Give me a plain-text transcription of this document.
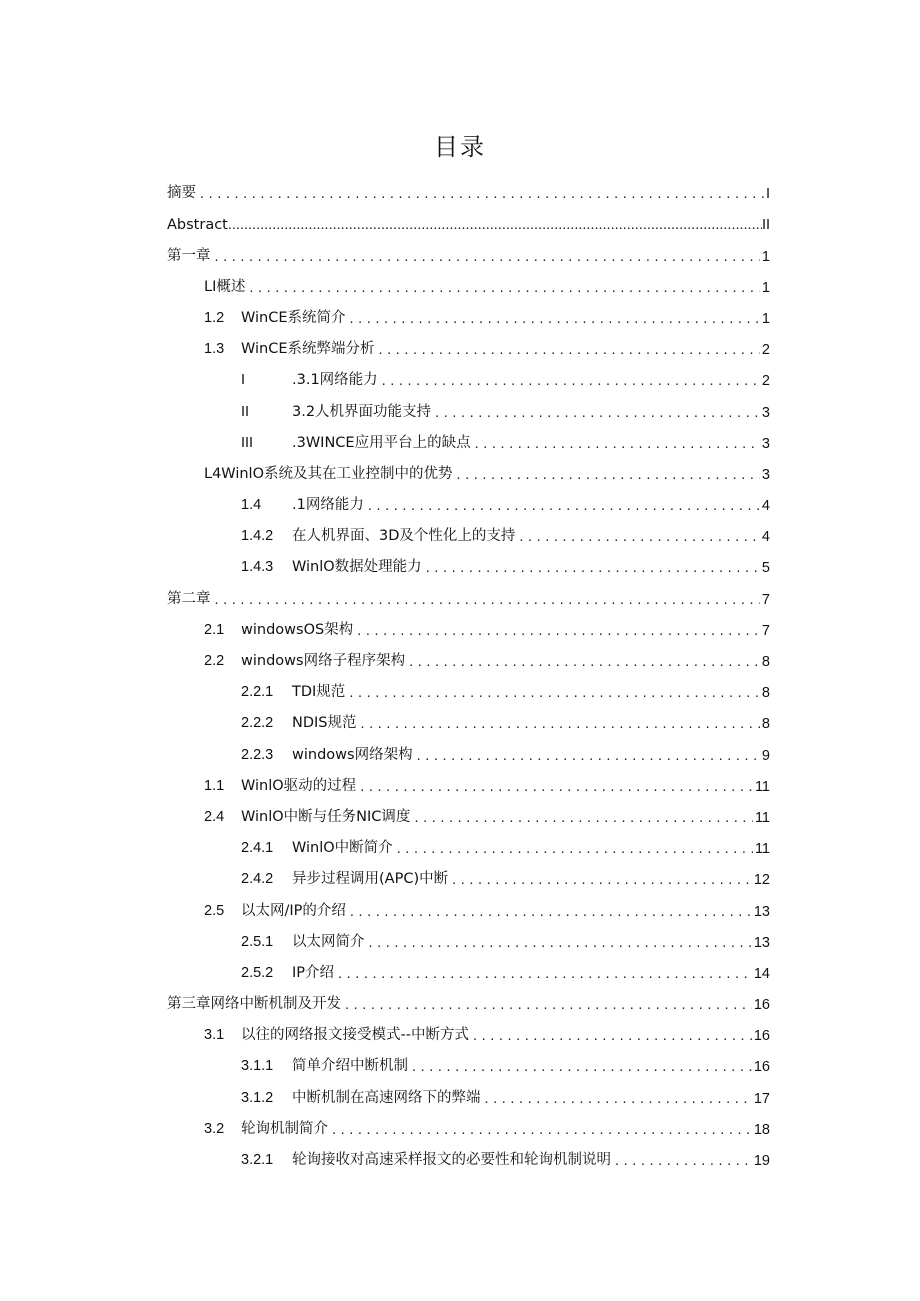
目录
摘要 .....	I
Abstract .....	II
第一章 .....	1
LI概述 .....	1
1.2	WinCE系统简介 .....	1
1.3	WinCE系统弊端分析 .....	2
I	.3.1网络能力 .....	2
II	3.2人机界面功能支持 .....	3
III	.3WINCE应用平台上的缺点 .....	3
L4WinlO系统及其在工业控制中的优势 .....	3
1.4	.1网络能力 .....	4
1.4.2	在人机界面、3D及个性化上的支持 .....	4
1.4.3	WinlO数据处理能力 .....	5
第二章 .....	7
2.1	windowsOS架构 .....	7
2.2	windows网络子程序架构 .....	8
2.2.1	TDI规范 .....	8
2.2.2	NDIS规范 .....	8
2.2.3	windows网络架构 .....	9
1.1	WinlO驱动的过程 .....	11
2.4	WinlO中断与任务NIC调度 .....	11
2.4.1	WinlO中断简介 .....	11
2.4.2	异步过程调用(APC)中断 .....	12
2.5	以太网/IP的介绍 .....	13
2.5.1	以太网简介 .....	13
2.5.2	IP介绍 .....	14
第三章网络中断机制及开发 .....	16
3.1	以往的网络报文接受模式--中断方式 .....	16
3.1.1	简单介绍中断机制 .....	16
3.1.2	中断机制在高速网络下的弊端 .....	17
3.2	轮询机制简介 .....	18
3.2.1	轮询接收对高速采样报文的必要性和轮询机制说明 .....	19
